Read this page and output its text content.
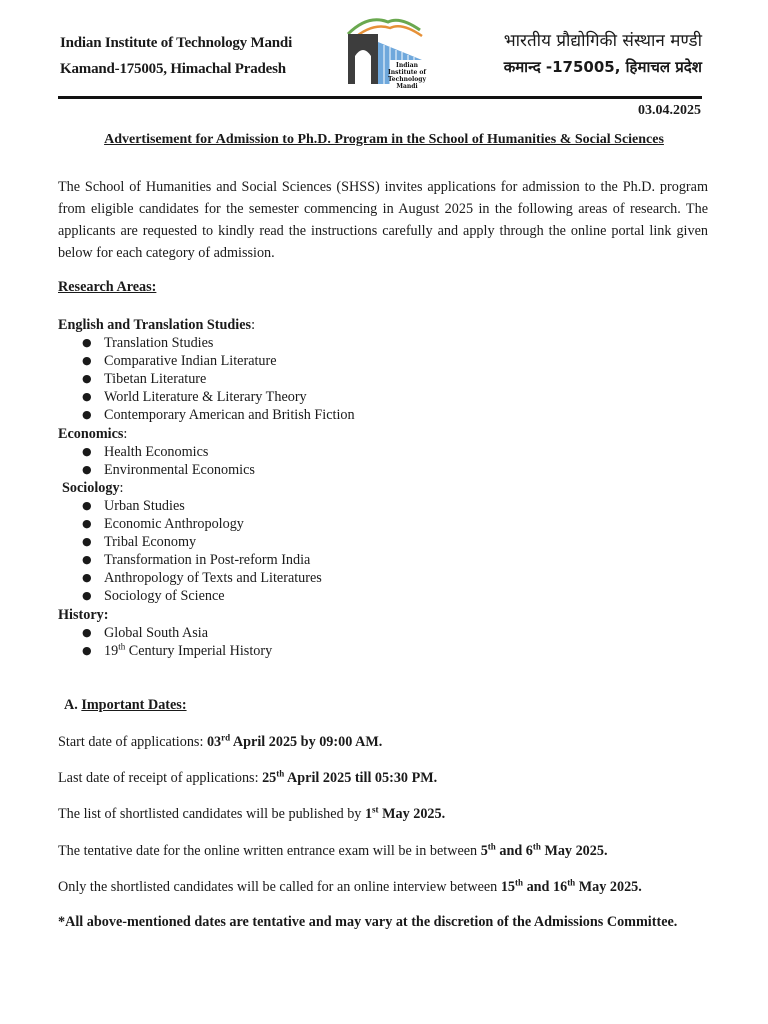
Indian Institute of Technology Mandi
Kamand-175005, Himachal Pradesh	Indian
Institute of
Technology
Mandi
भारतीय प्रौद्योगिकी संस्थान मण्डी
कमान्द -175005, हिमाचल प्रदेश
03.04.2025
Advertisement for Admission to Ph.D. Program in the School of Humanities & Social Sciences
The School of Humanities and Social Sciences (SHSS) invites applications for admission to the Ph.D. program from eligible candidates for the semester commencing in August 2025 in the following areas of research. The applicants are requested to kindly read the instructions carefully and apply through the online portal link given below for each category of admission.
Research Areas:
English and Translation Studies:
● Translation Studies
● Comparative Indian Literature
● Tibetan Literature
● World Literature & Literary Theory
● Contemporary American and British Fiction
Economics:
● Health Economics
● Environmental Economics
Sociology:
● Urban Studies
● Economic Anthropology
● Tribal Economy
● Transformation in Post-reform India
● Anthropology of Texts and Literatures
● Sociology of Science
History:
● Global South Asia
● 19th Century Imperial History
A. Important Dates:
Start date of applications: 03rd April 2025 by 09:00 AM.
Last date of receipt of applications: 25th April 2025 till 05:30 PM.
The list of shortlisted candidates will be published by 1st May 2025.
The tentative date for the online written entrance exam will be in between 5th and 6th May 2025.
Only the shortlisted candidates will be called for an online interview between 15th and 16th May 2025.
*All above-mentioned dates are tentative and may vary at the discretion of the Admissions Committee.
